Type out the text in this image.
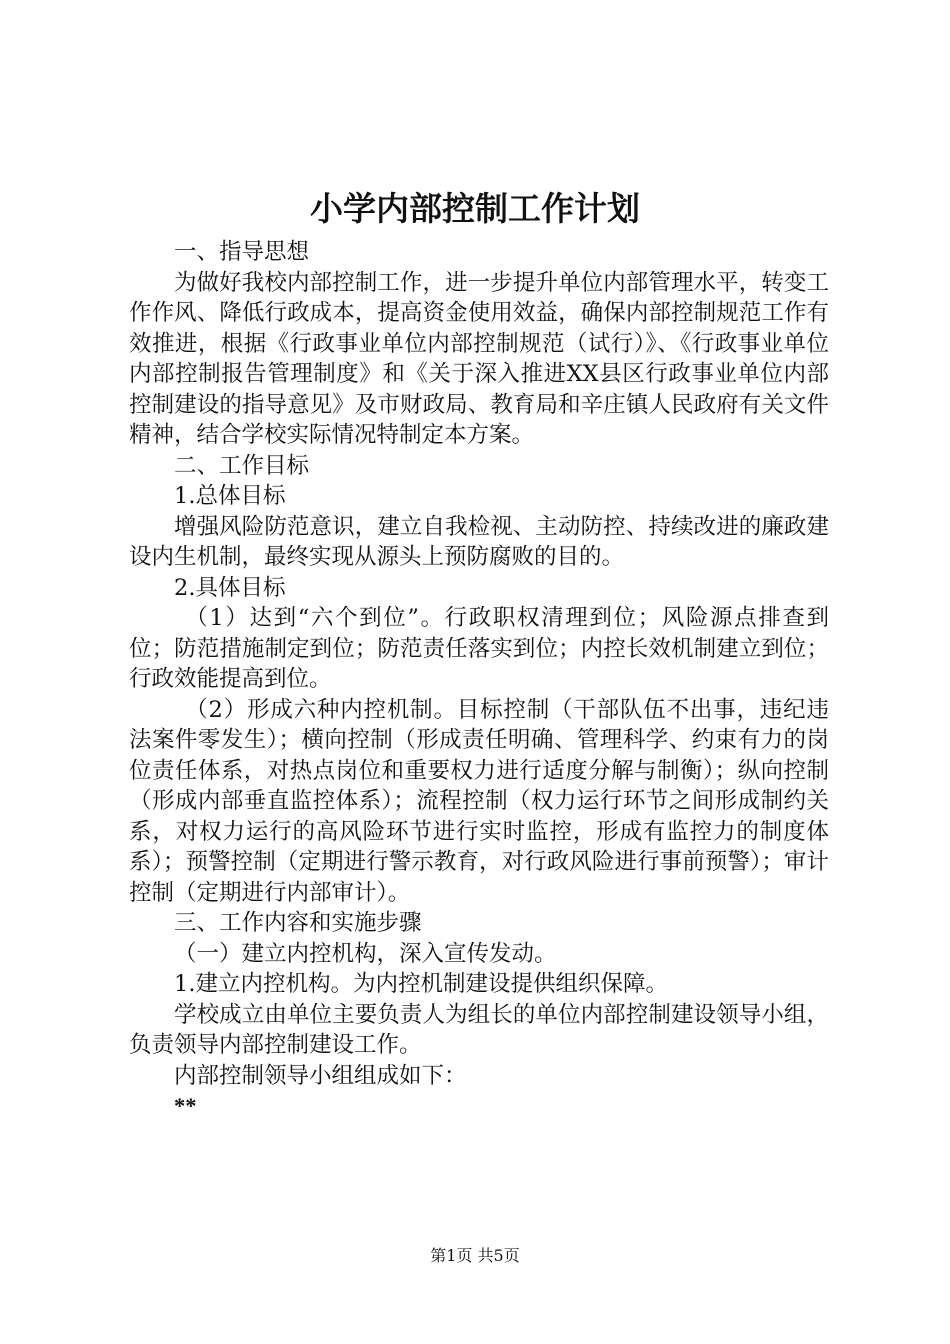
小学内部控制工作计划

一、指导思想

为做好我校内部控制工作，进一步提升单位内部管理水平，转变工作作风、降低行政成本，提高资金使用效益，确保内部控制规范工作有效推进，根据《行政事业单位内部控制规范（试行）》、《行政事业单位内部控制报告管理制度》和《关于深入推进XX县区行政事业单位内部控制建设的指导意见》及市财政局、教育局和辛庄镇人民政府有关文件精神，结合学校实际情况特制定本方案。

二、工作目标

1.总体目标

增强风险防范意识，建立自我检视、主动防控、持续改进的廉政建设内生机制，最终实现从源头上预防腐败的目的。

2.具体目标

（1）达到“六个到位”。行政职权清理到位；风险源点排查到位；防范措施制定到位；防范责任落实到位；内控长效机制建立到位；行政效能提高到位。

（2）形成六种内控机制。目标控制（干部队伍不出事，违纪违法案件零发生）；横向控制（形成责任明确、管理科学、约束有力的岗位责任体系，对热点岗位和重要权力进行适度分解与制衡）；纵向控制（形成内部垂直监控体系）；流程控制（权力运行环节之间形成制约关系，对权力运行的高风险环节进行实时监控，形成有监控力的制度体系）；预警控制（定期进行警示教育，对行政风险进行事前预警）；审计控制（定期进行内部审计）。

三、工作内容和实施步骤

（一）建立内控机构，深入宣传发动。

1.建立内控机构。为内控机制建设提供组织保障。

学校成立由单位主要负责人为组长的单位内部控制建设领导小组，负责领导内部控制建设工作。

内部控制领导小组组成如下：

**

第1页 共5页
